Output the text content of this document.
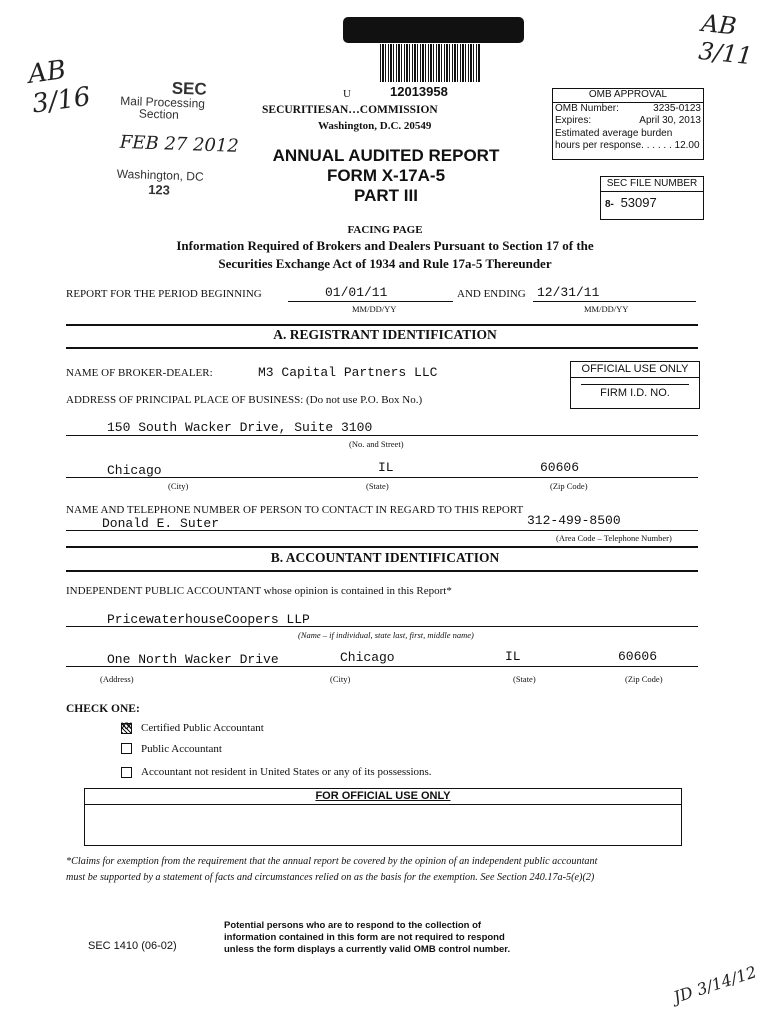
AB 3/16
AB 3/11
JD 3/14/12
12013958
SEC
Mail Processing
Section
FEB 27 2012
Washington, DC
123
U
SECURITIESAN…COMMISSION
Washington, D.C. 20549
ANNUAL AUDITED REPORT
FORM X-17A-5
PART III
FACING PAGE
Information Required of Brokers and Dealers Pursuant to Section 17 of the
Securities Exchange Act of 1934 and Rule 17a-5 Thereunder
OMB APPROVAL
OMB Number:	3235-0123
Expires:	April 30, 2013
Estimated average burden
hours per response. . . . . . 12.00
SEC FILE NUMBER
8- 53097
REPORT FOR THE PERIOD BEGINNING	01/01/11	AND ENDING 12/31/11
MM/DD/YY	MM/DD/YY
A. REGISTRANT IDENTIFICATION
NAME OF BROKER-DEALER:	M3 Capital Partners LLC	OFFICIAL USE ONLY
FIRM I.D. NO.
ADDRESS OF PRINCIPAL PLACE OF BUSINESS: (Do not use P.O. Box No.)
150 South Wacker Drive, Suite 3100
(No. and Street)
Chicago	IL	60606
(City)	(State)	(Zip Code)
NAME AND TELEPHONE NUMBER OF PERSON TO CONTACT IN REGARD TO THIS REPORT
Donald E. Suter	312-499-8500
(Area Code – Telephone Number)
B. ACCOUNTANT IDENTIFICATION
INDEPENDENT PUBLIC ACCOUNTANT whose opinion is contained in this Report*
PricewaterhouseCoopers LLP
(Name – if individual, state last, first, middle name)
One North Wacker Drive	Chicago	IL	60606
(Address)	(City)	(State)	(Zip Code)
CHECK ONE:
XX Certified Public Accountant
Public Accountant
Accountant not resident in United States or any of its possessions.
FOR OFFICIAL USE ONLY
*Claims for exemption from the requirement that the annual report be covered by the opinion of an independent public accountant
must be supported by a statement of facts and circumstances relied on as the basis for the exemption. See Section 240.17a-5(e)(2)
SEC 1410 (06-02)
Potential persons who are to respond to the collection of
information contained in this form are not required to respond
unless the form displays a currently valid OMB control number.
